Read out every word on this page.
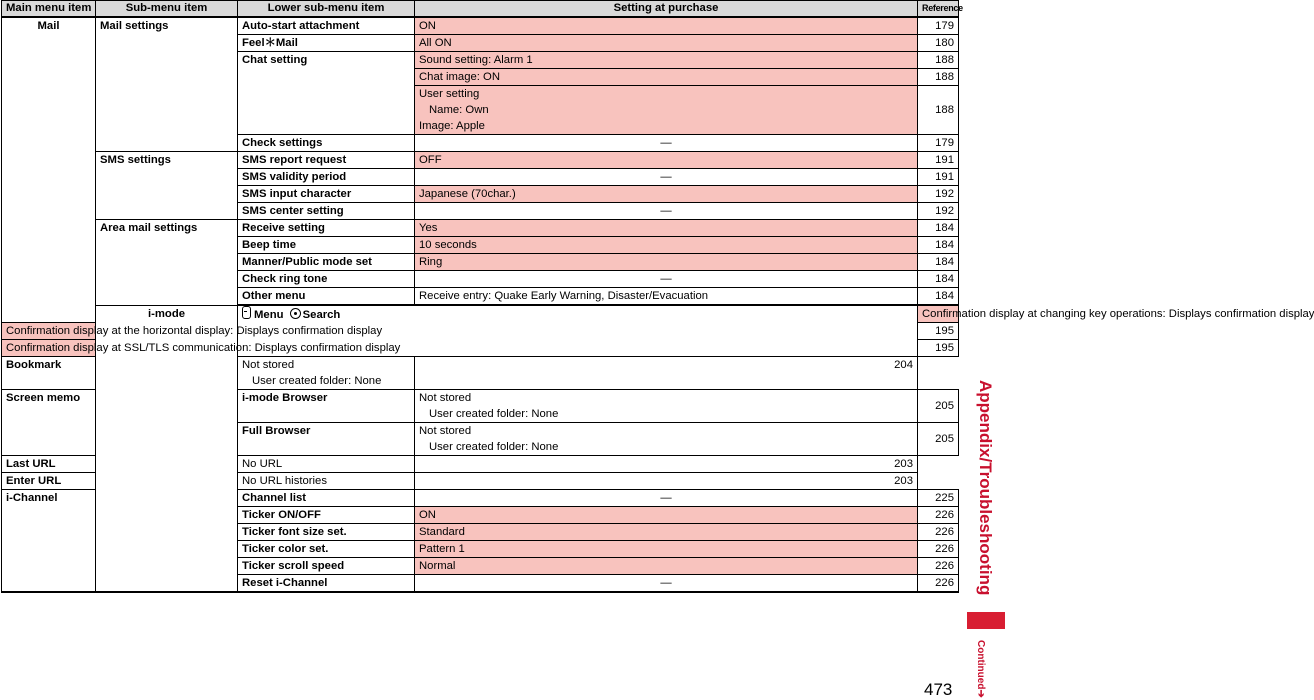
Main menu item	Sub-menu item	Lower sub-menu item	Setting at purchase	Reference	
Mail	Mail settings	Auto-start attachment	ON	179	
		Feel＊Mail	All ON	180	
		Chat setting	Sound setting: Alarm 1	188	
			Chat image: ON	188	

			User setting
Name: Own
Image: Apple	188	
		Check settings	—	179	
	SMS settings	SMS report request	OFF	191	
		SMS validity period	—	191	
		SMS input character	Japanese (70char.)	192	
		SMS center setting	—	192	
	Area mail settings	Receive setting	Yes	184	
		Beep time	10 seconds	184	
		Manner/Public mode set	Ring	184	
		Check ring tone	—	184	
		Other menu	Receive entry: Quake Early Warning, Disaster/Evacuation	184	
	i-mode	Menu Search		Confirmation display at changing key operations: Displays confirmation display	
Confirmation display at the horizontal display: Displays confirmation display				195	
Confirmation display at SSL/TLS communication: Displays confirmation display				195	
Bookmark		Not stored
User created folder: None	204		
Screen memo		i-mode Browser	Not stored
User created folder: None	205	
		Full Browser	Not stored
User created folder: None	205	
Last URL		No URL	203		
Enter URL		No URL histories	203		
i-Channel		Channel list	—	225	
		Ticker ON/OFF	ON	226	
		Ticker font size set.	Standard	226	
		Ticker color set.	Pattern 1	226	
		Ticker scroll speed	Normal	226	
		Reset i-Channel	—	226	Appendix/Troubleshooting
Continued➔
473
